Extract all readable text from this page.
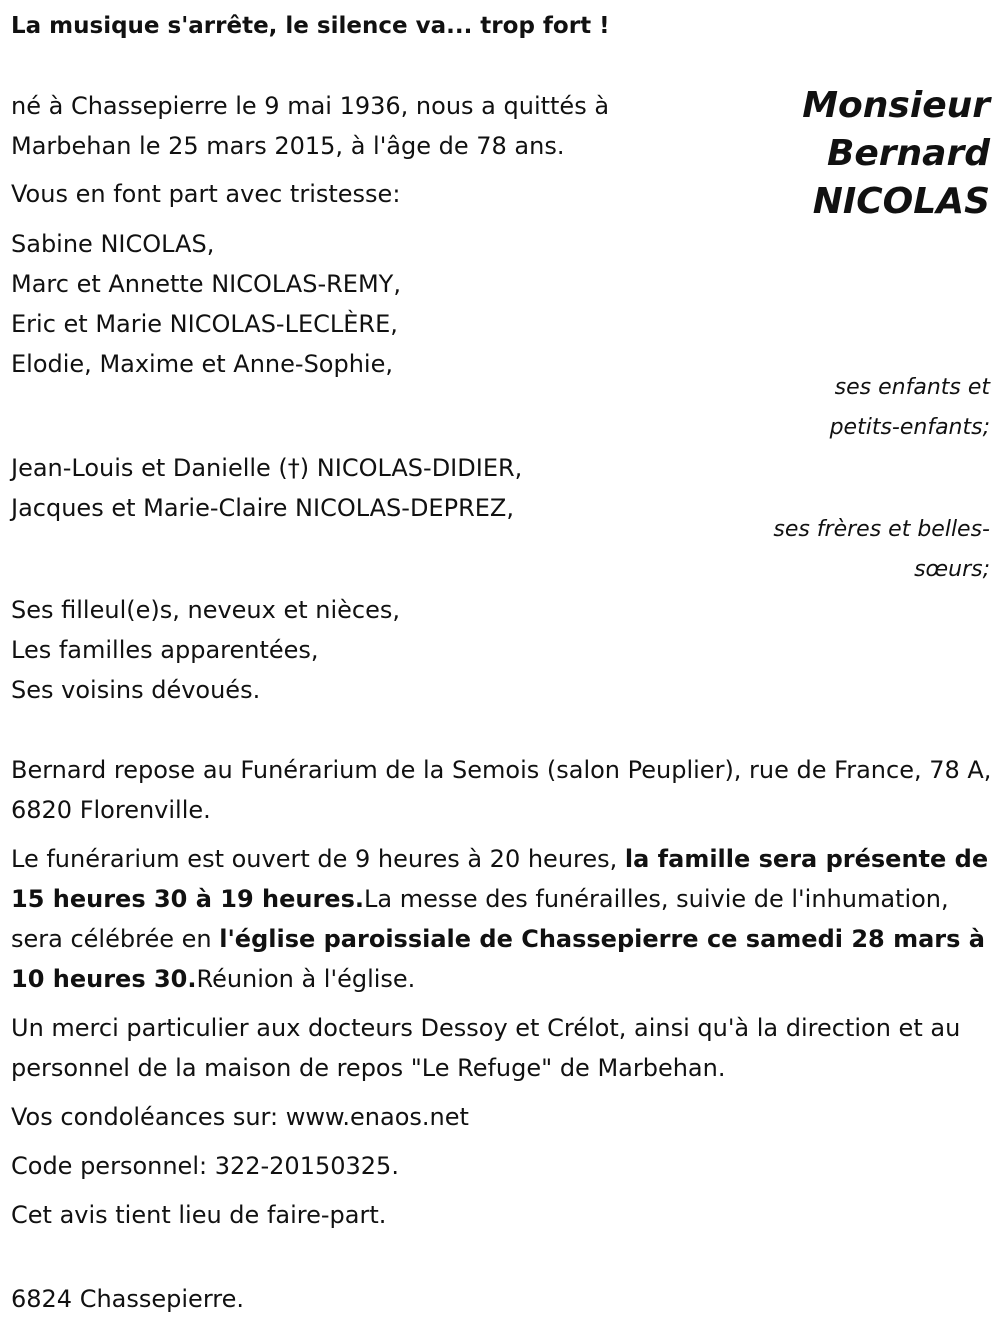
La musique s'arrête, le silence va... trop fort !

Monsieur
Bernard
NICOLAS
né à Chassepierre le 9 mai 1936, nous a quittés à
Marbehan le 25 mars 2015, à l'âge de 78 ans.

Vous en font part avec tristesse:

Sabine NICOLAS,
Marc et Annette NICOLAS-REMY,
Eric et Marie NICOLAS-LECLÈRE,
Elodie, Maxime et Anne-Sophie,
ses enfants et
petits-enfants;
Jean-Louis et Danielle (†) NICOLAS-DIDIER,
Jacques et Marie-Claire NICOLAS-DEPREZ,
ses frères et belles-
sœurs;
Ses filleul(e)s, neveux et nièces,
Les familles apparentées,
Ses voisins dévoués.

Bernard repose au Funérarium de la Semois (salon Peuplier), rue de France, 78 A, 6820 Florenville.

Le funérarium est ouvert de 9 heures à 20 heures, la famille sera présente de 15 heures 30 à 19 heures.La messe des funérailles, suivie de l'inhumation, sera célébrée en l'église paroissiale de Chassepierre ce samedi 28 mars à 10 heures 30.Réunion à l'église.

Un merci particulier aux docteurs Dessoy et Crélot, ainsi qu'à la direction et au personnel de la maison de repos "Le Refuge" de Marbehan.

Vos condoléances sur: www.enaos.net

Code personnel: 322-20150325.

Cet avis tient lieu de faire-part.

6824 Chassepierre.
